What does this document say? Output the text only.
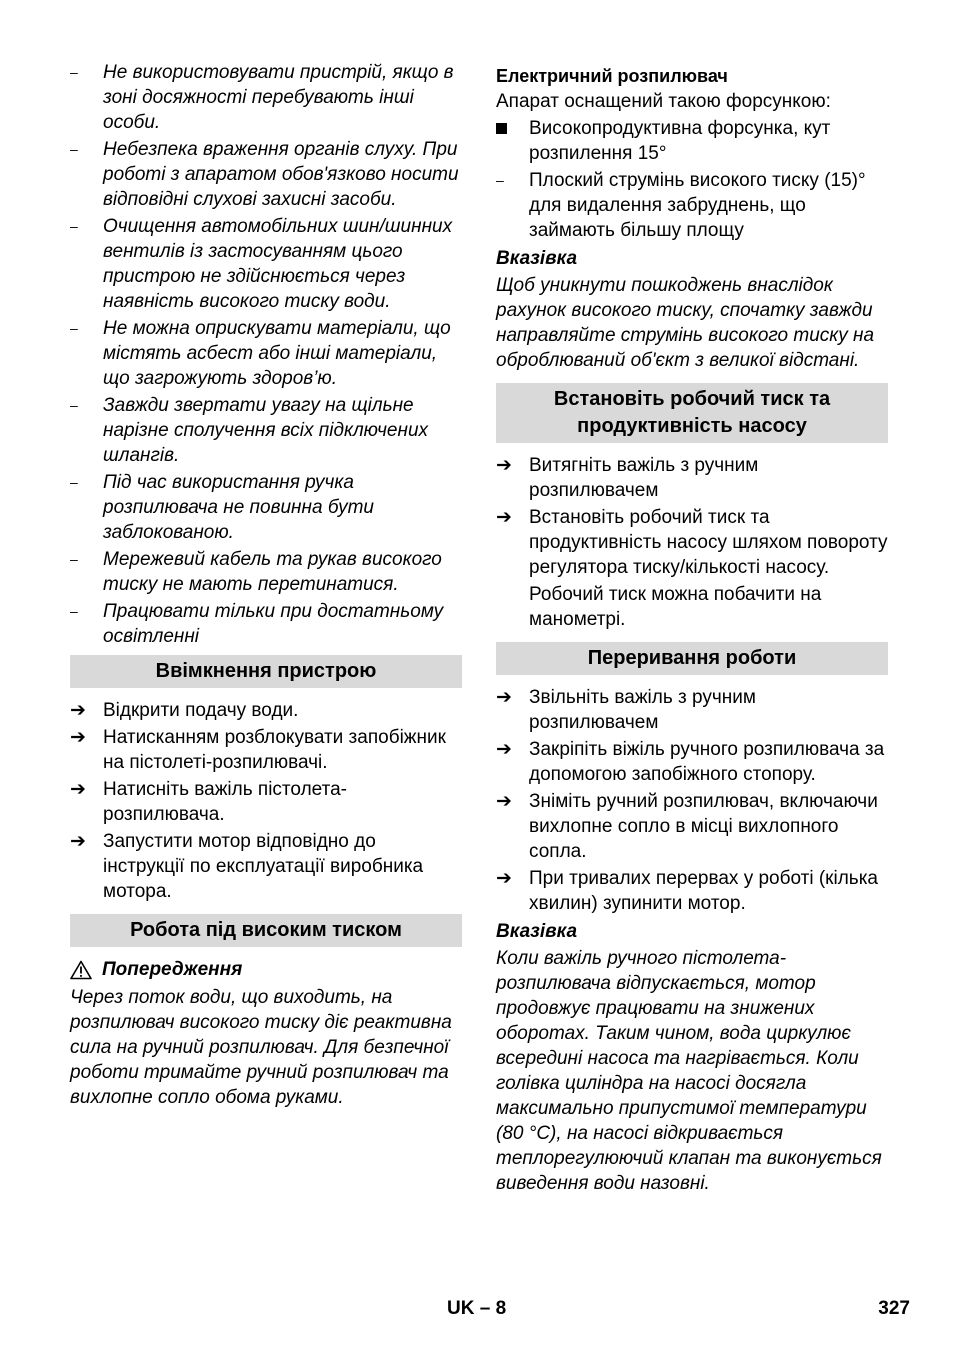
–	Не використовувати пристрій, якщо в зоні досяжності перебувають інші особи.
–	Небезпека враження органів слуху. При роботі з апаратом обов'язково носити відповідні слухові захисні засоби.
–	Очищення автомобільних шин/шинних вентилів із застосуванням цього пристрою не здійснюється через наявність високого тиску води.
–	Не можна оприскувати матеріали, що містять асбест або інші матеріали, що загрожують здоров’ю.
–	Завжди звертати увагу на щільне нарізне сполучення всіх підключених шлангів.
–	Під час використання ручка розпилювача не повинна бути заблокованою.
–	Мережевий кабель та рукав високого тиску не мають перетинатися.
–	Працювати тільки при достатньому освітленні
Ввімкнення пристрою
➔ Відкрити подачу води.
➔ Натисканням розблокувати запобіжник на пістолеті-розпилювачі.
➔ Натисніть важіль пістолета-розпилювача.
➔ Запустити мотор відповідно до інструкції по експлуатації виробника мотора.
Робота під високим тиском
Попередження

Через поток води, що виходить, на розпилювач високого тиску діє реактивна сила на ручний розпилювач. Для безпечної роботи тримайте ручний розпилювач та вихлопне сопло обома руками.

Електричний розпилювач

Апарат оснащений такою форсункою:

Високопродуктивна форсунка, кут розпилення 15°
–	Плоский струмінь високого тиску (15)° для видалення забруднень, що займають більшу площу

Вказівка

Щоб уникнути пошкоджень внаслідок рахунок високого тиску, спочатку завжди направляйте струмінь високого тиску на оброблюваний об'єкт з великої відстані.

Встановіть робочий тиск та продуктивність насосу
➔ Витягніть важіль з ручним розпилювачем
➔ Встановіть робочий тиск та продуктивність насосу шляхом повороту регулятора тиску/кількості насосу.

Робочий тиск можна побачити на манометрі.

Переривання роботи
➔ Звільніть важіль з ручним розпилювачем
➔ Закріпіть віжіль ручного розпилювача за допомогою запобіжного стопору.
➔ Зніміть ручний розпилювач, включаючи вихлопне сопло в місці вихлопного сопла.
➔ При тривалих перервах у роботі (кілька хвилин) зупинити мотор.

Вказівка

Коли важіль ручного пістолета-розпилювача відпускається, мотор продовжує працювати на знижених оборотах. Таким чином, вода циркулює всередині насоса та нагрівається. Коли голівка циліндра на насосі досягла максимально припустимої температури (80 °C), на насосі відкривається теплорегулюючий клапан та виконується виведення води назовні.

UK – 8	327
